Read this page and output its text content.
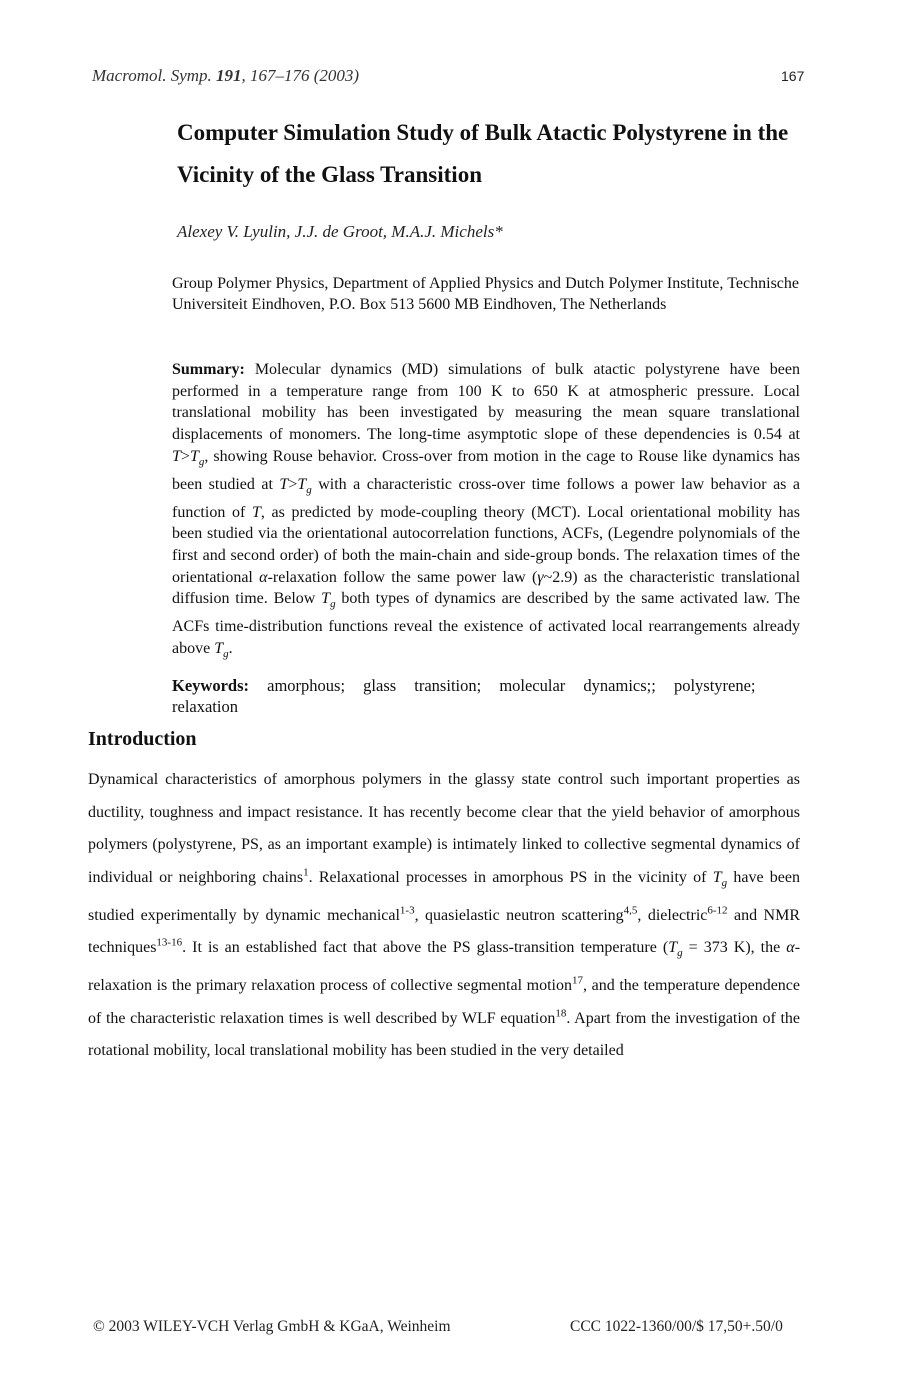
Macromol. Symp. 191, 167–176 (2003)	167
Computer Simulation Study of Bulk Atactic Polystyrene in the Vicinity of the Glass Transition
Alexey V. Lyulin, J.J. de Groot, M.A.J. Michels*

Group Polymer Physics, Department of Applied Physics and Dutch Polymer Institute, Technische Universiteit Eindhoven, P.O. Box 513 5600 MB Eindhoven, The Netherlands

Summary: Molecular dynamics (MD) simulations of bulk atactic polystyrene have been performed in a temperature range from 100 K to 650 K at atmospheric pressure. Local translational mobility has been investigated by measuring the mean square translational displacements of monomers. The long-time asymptotic slope of these dependencies is 0.54 at $T>T_g$, showing Rouse behavior. Cross-over from motion in the cage to Rouse like dynamics has been studied at $T>T_g$ with a characteristic cross-over time follows a power law behavior as a function of T, as predicted by mode-coupling theory (MCT). Local orientational mobility has been studied via the orientational autocorrelation functions, ACFs, (Legendre polynomials of the first and second order) of both the main-chain and side-group bonds. The relaxation times of the orientational α-relaxation follow the same power law (γ~2.9) as the characteristic translational diffusion time. Below $T_g$ both types of dynamics are described by the same activated law. The ACFs time-distribution functions reveal the existence of activated local rearrangements already above $T_g$.

Keywords: amorphous; glass transition; molecular dynamics;; polystyrene; relaxation

Introduction

Dynamical characteristics of amorphous polymers in the glassy state control such important properties as ductility, toughness and impact resistance. It has recently become clear that the yield behavior of amorphous polymers (polystyrene, PS, as an important example) is intimately linked to collective segmental dynamics of individual or neighboring chains$^1$. Relaxational processes in amorphous PS in the vicinity of $T_g$ have been studied experimentally by dynamic mechanical$^{1-3}$, quasielastic neutron scattering$^{4,5}$, dielectric$^{6-12}$ and NMR techniques$^{13-16}$. It is an established fact that above the PS glass-transition temperature ($T_g = 373$ K), the α-relaxation is the primary relaxation process of collective segmental motion$^{17}$, and the temperature dependence of the characteristic relaxation times is well described by WLF equation$^{18}$. Apart from the investigation of the rotational mobility, local translational mobility has been studied in the very detailed

© 2003 WILEY-VCH Verlag GmbH & KGaA, Weinheim	CCC 1022-1360/00/$ 17,50+.50/0
